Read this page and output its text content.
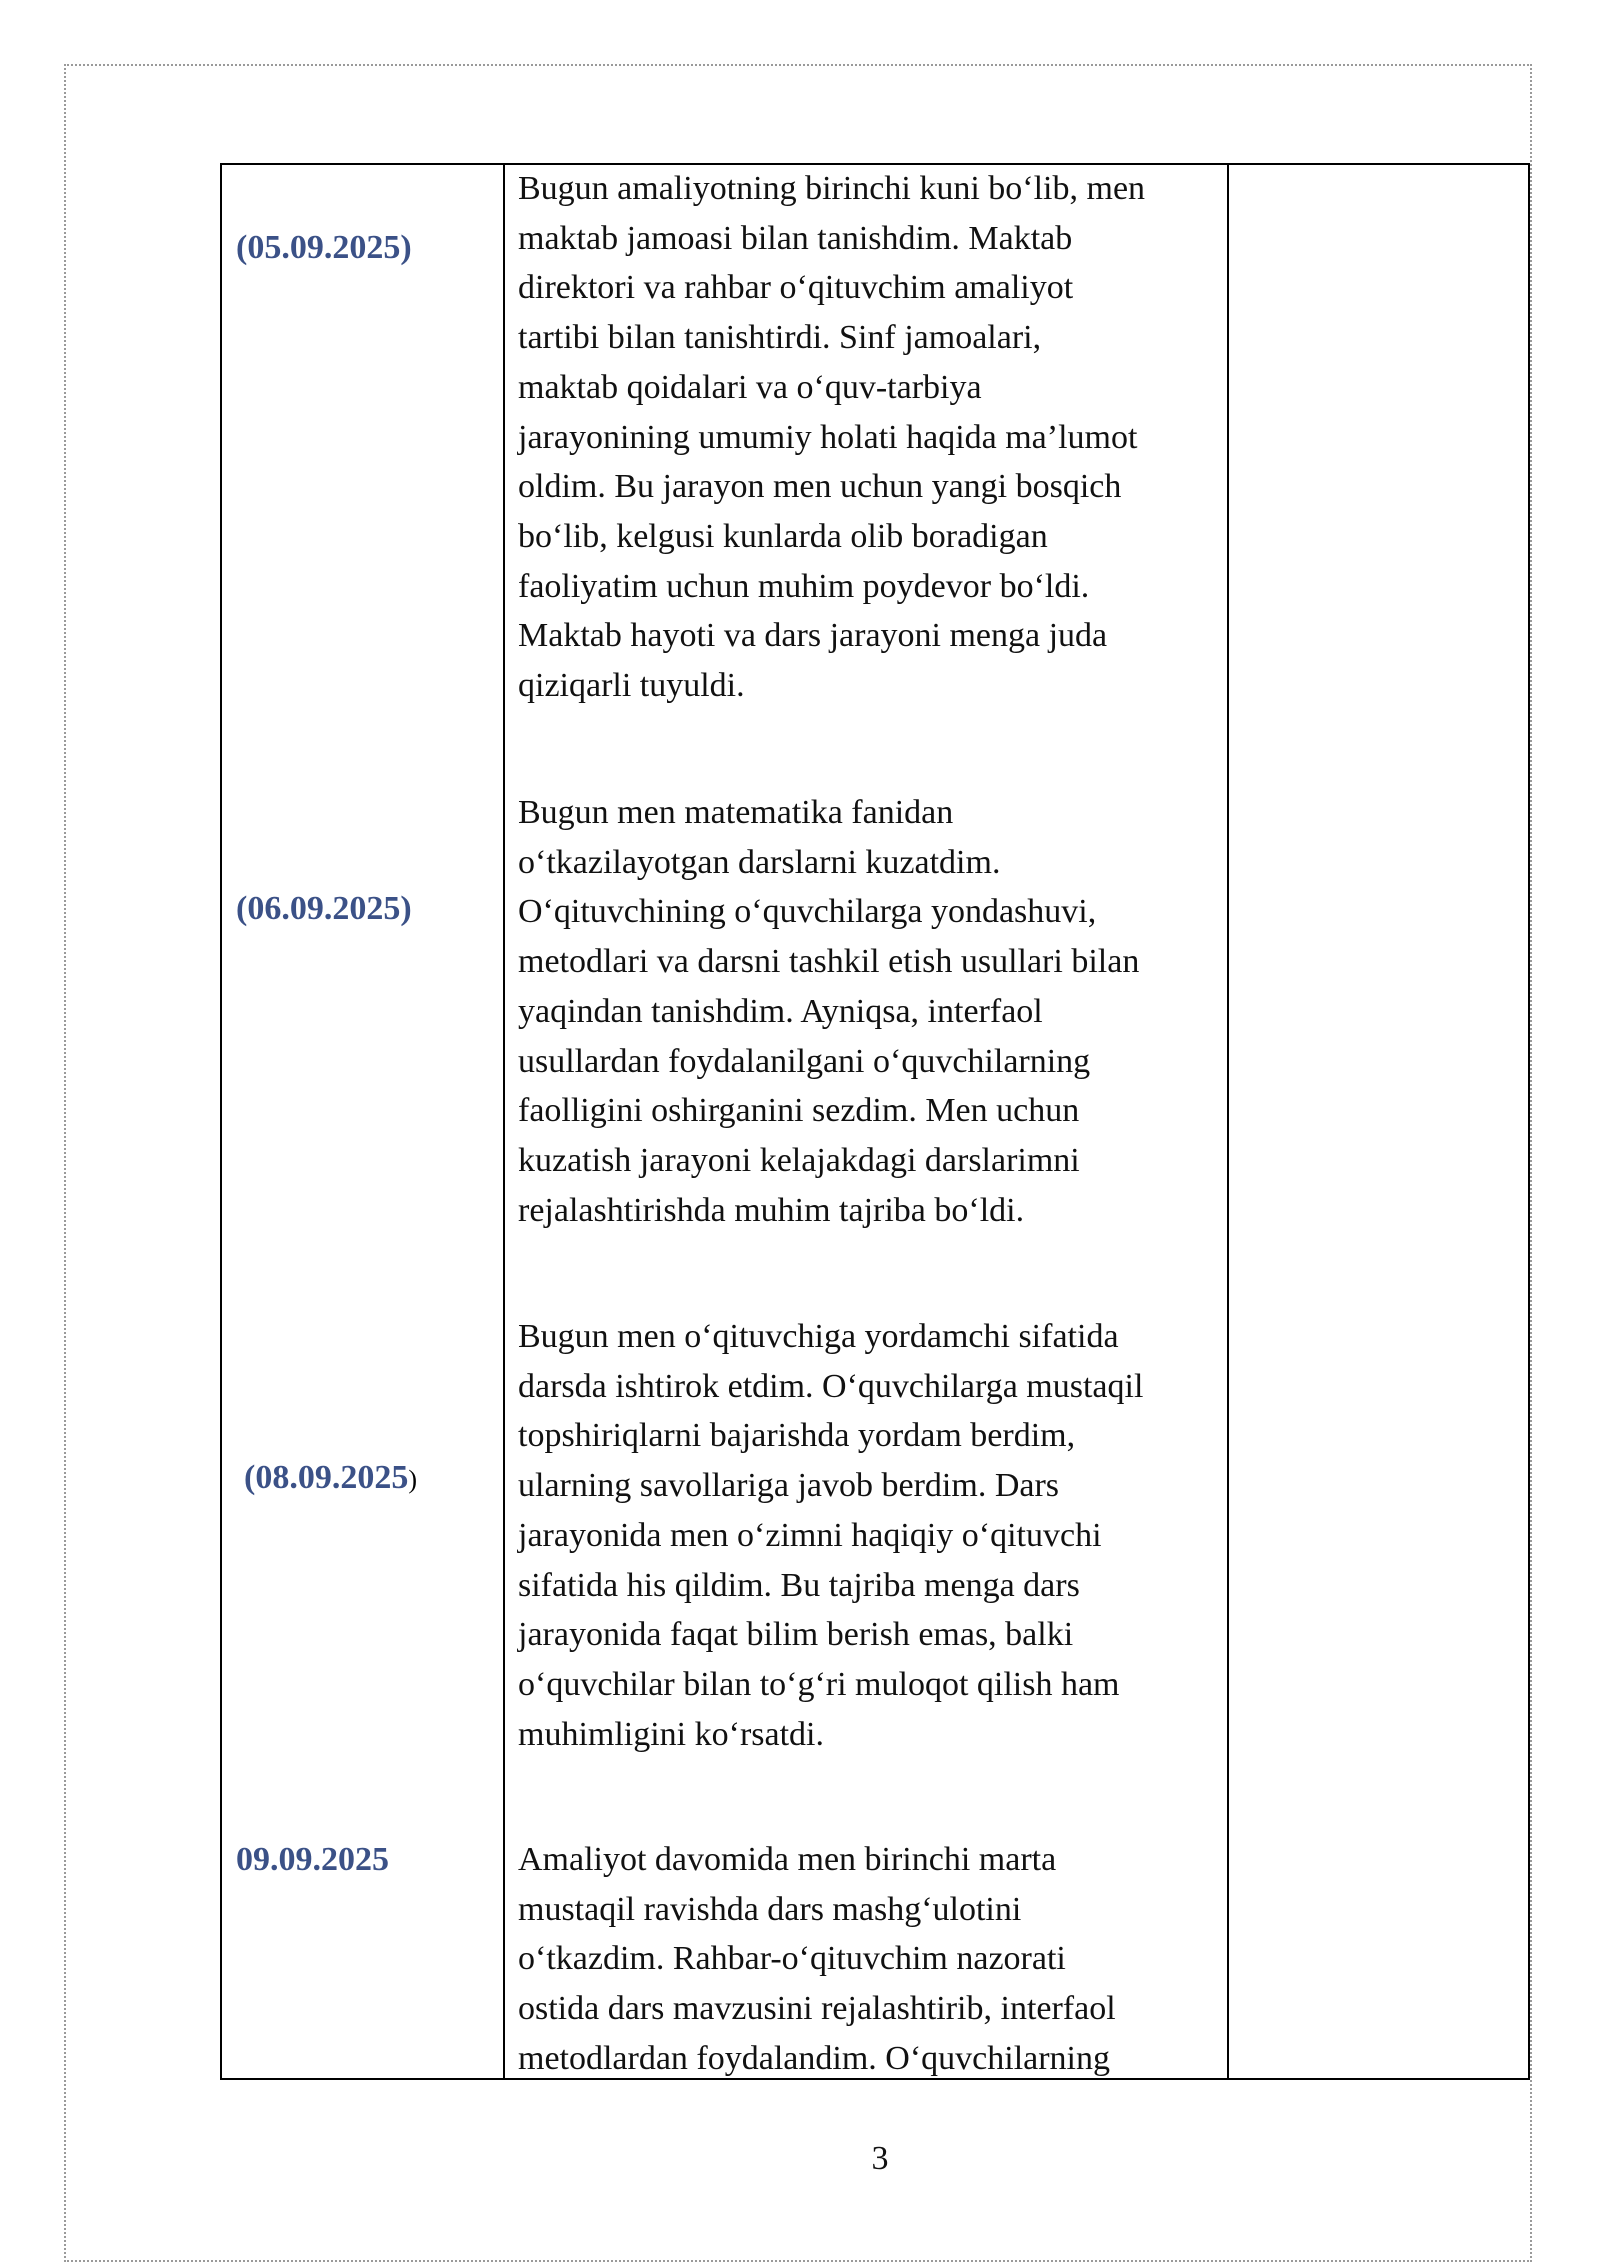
(05.09.2025)
Bugun amaliyotning birinchi kuni bo‘lib, men
maktab jamoasi bilan tanishdim. Maktab
direktori va rahbar o‘qituvchim amaliyot
tartibi bilan tanishtirdi. Sinf jamoalari,
maktab qoidalari va o‘quv-tarbiya
jarayonining umumiy holati haqida ma’lumot
oldim. Bu jarayon men uchun yangi bosqich
bo‘lib, kelgusi kunlarda olib boradigan
faoliyatim uchun muhim poydevor bo‘ldi.
Maktab hayoti va dars jarayoni menga juda
qiziqarli tuyuldi.
(06.09.2025)
Bugun men matematika fanidan
o‘tkazilayotgan darslarni kuzatdim.
O‘qituvchining o‘quvchilarga yondashuvi,
metodlari va darsni tashkil etish usullari bilan
yaqindan tanishdim. Ayniqsa, interfaol
usullardan foydalanilgani o‘quvchilarning
faolligini oshirganini sezdim. Men uchun
kuzatish jarayoni kelajakdagi darslarimni
rejalashtirishda muhim tajriba bo‘ldi.
(08.09.2025)
Bugun men o‘qituvchiga yordamchi sifatida
darsda ishtirok etdim. O‘quvchilarga mustaqil
topshiriqlarni bajarishda yordam berdim,
ularning savollariga javob berdim. Dars
jarayonida men o‘zimni haqiqiy o‘qituvchi
sifatida his qildim. Bu tajriba menga dars
jarayonida faqat bilim berish emas, balki
o‘quvchilar bilan to‘g‘ri muloqot qilish ham
muhimligini ko‘rsatdi.
09.09.2025	Amaliyot davomida men birinchi marta
mustaqil ravishda dars mashg‘ulotini
o‘tkazdim. Rahbar-o‘qituvchim nazorati
ostida dars mavzusini rejalashtirib, interfaol
metodlardan foydalandim. O‘quvchilarning
3
